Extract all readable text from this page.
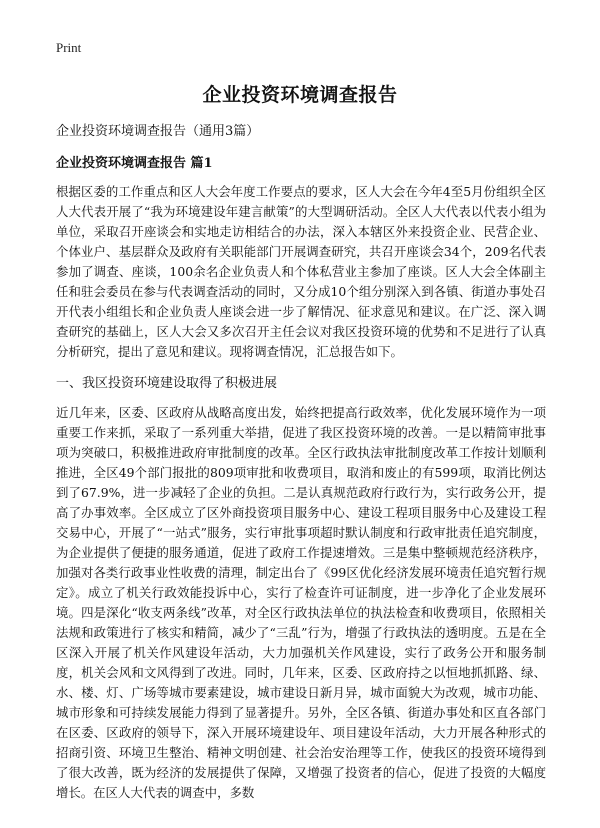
Print
企业投资环境调查报告
企业投资环境调查报告（通用3篇）
企业投资环境调查报告 篇1

根据区委的工作重点和区人大会年度工作要点的要求，区人大会在今年4至5月份组织全区人大代表开展了“我为环境建设年建言献策”的大型调研活动。全区人大代表以代表小组为单位，采取召开座谈会和实地走访相结合的办法，深入本辖区外来投资企业、民营企业、个体业户、基层群众及政府有关职能部门开展调查研究，共召开座谈会34个，209名代表参加了调查、座谈，100余名企业负责人和个体私营业主参加了座谈。区人大会全体副主任和驻会委员在参与代表调查活动的同时，又分成10个组分别深入到各镇、街道办事处召开代表小组组长和企业负责人座谈会进一步了解情况、征求意见和建议。在广泛、深入调查研究的基础上，区人大会又多次召开主任会议对我区投资环境的优势和不足进行了认真分析研究，提出了意见和建议。现将调查情况，汇总报告如下。

一、我区投资环境建设取得了积极进展

近几年来，区委、区政府从战略高度出发，始终把提高行政效率，优化发展环境作为一项重要工作来抓，采取了一系列重大举措，促进了我区投资环境的改善。一是以精简审批事项为突破口，积极推进政府审批制度的改革。全区行政执法审批制度改革工作按计划顺利推进，全区49个部门报批的809项审批和收费项目，取消和废止的有599项，取消比例达到了67.9%，进一步减轻了企业的负担。二是认真规范政府行政行为，实行政务公开，提高了办事效率。全区成立了区外商投资项目服务中心、建设工程项目服务中心及建设工程交易中心，开展了“一站式”服务，实行审批事项超时默认制度和行政审批责任追究制度，为企业提供了便捷的服务通道，促进了政府工作提速增效。三是集中整顿规范经济秩序，加强对各类行政事业性收费的清理，制定出台了《99区优化经济发展环境责任追究暂行规定》。成立了机关行政效能投诉中心，实行了检查许可证制度，进一步净化了企业发展环境。四是深化“收支两条线”改革，对全区行政执法单位的执法检查和收费项目，依照相关法规和政策进行了核实和精简，减少了“三乱”行为，增强了行政执法的透明度。五是在全区深入开展了机关作风建设年活动，大力加强机关作风建设，实行了政务公开和服务制度，机关会风和文风得到了改进。同时，几年来，区委、区政府持之以恒地抓抓路、绿、水、楼、灯、广场等城市要素建设，城市建设日新月异，城市面貌大为改观，城市功能、城市形象和可持续发展能力得到了显著提升。另外，全区各镇、街道办事处和区直各部门在区委、区政府的领导下，深入开展环境建设年、项目建设年活动，大力开展各种形式的招商引资、环境卫生整治、精神文明创建、社会治安治理等工作，使我区的投资环境得到了很大改善，既为经济的发展提供了保障，又增强了投资者的信心，促进了投资的大幅度增长。在区人大代表的调查中，多数
